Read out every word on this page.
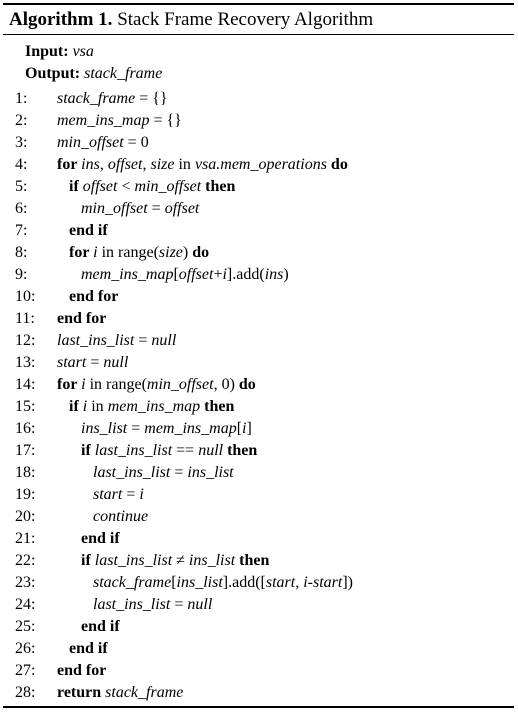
Algorithm 1. Stack Frame Recovery Algorithm
Input: vsa
Output: stack_frame
1:	stack_frame = {}
2:	mem_ins_map = {}
3:	min_offset = 0
4:	for ins, offset, size in vsa.mem_operations do
5:	if offset < min_offset then
6:	min_offset = offset
7:	end if
8:	for i in range(size) do
9:	mem_ins_map[offset+i].add(ins)
10:	end for
11:	end for
12:	last_ins_list = null
13:	start = null
14:	for i in range(min_offset, 0) do
15:	if i in mem_ins_map then
16:	ins_list = mem_ins_map[i]
17:	if last_ins_list == null then
18:	last_ins_list = ins_list
19:	start = i
20:	continue
21:	end if
22:	if last_ins_list ≠ ins_list then
23:	stack_frame[ins_list].add([start, i-start])
24:	last_ins_list = null
25:	end if
26:	end if
27:	end for
28:	return stack_frame
